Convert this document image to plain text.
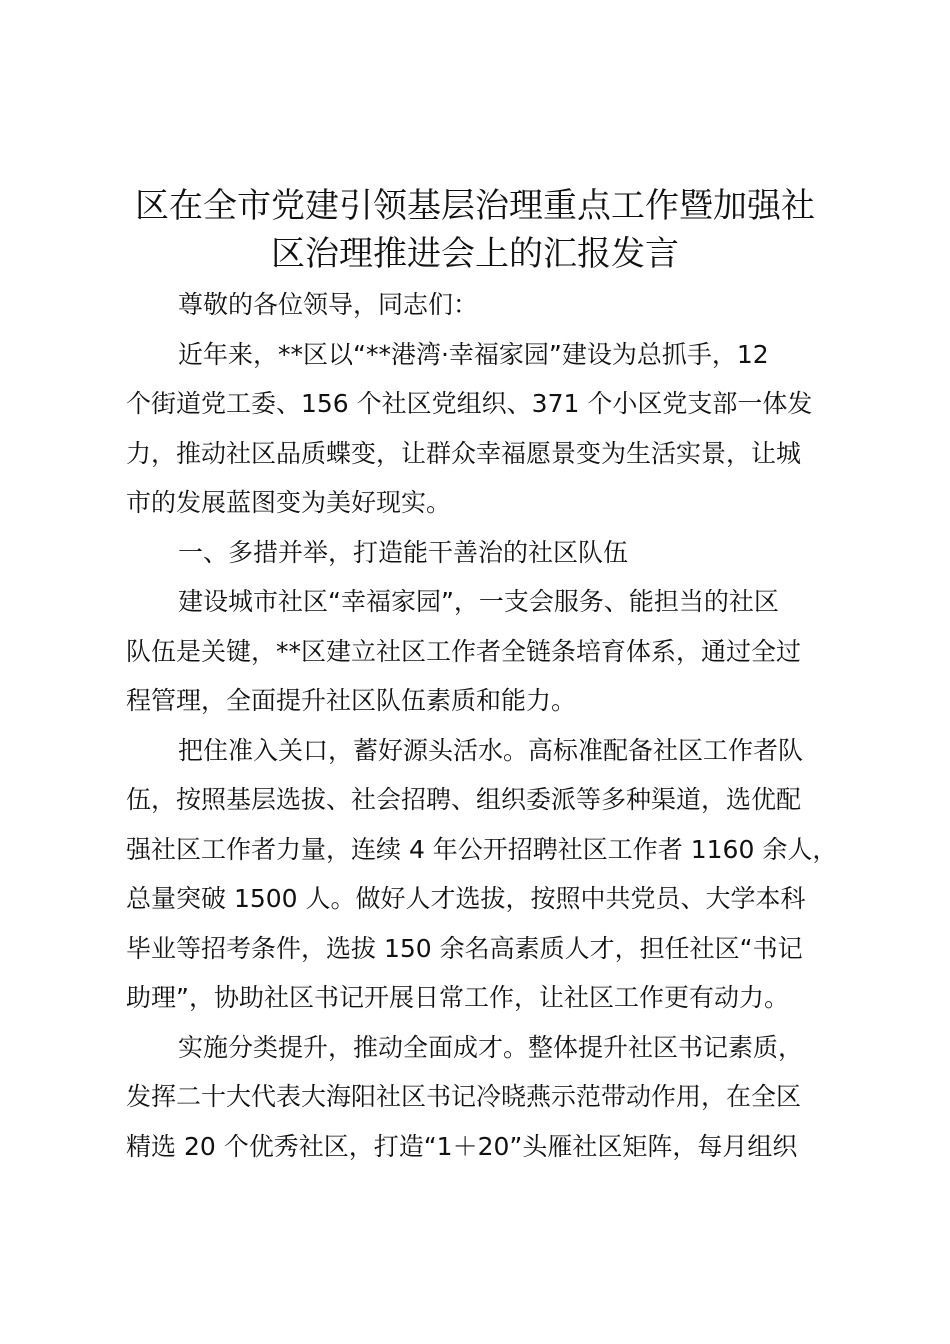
区在全市党建引领基层治理重点工作暨加强社
区治理推进会上的汇报发言
尊敬的各位领导，同志们：
近年来，**区以“**港湾·幸福家园”建设为总抓手，12
个街道党工委、156 个社区党组织、371 个小区党支部一体发
力，推动社区品质蝶变，让群众幸福愿景变为生活实景，让城
市的发展蓝图变为美好现实。
一、多措并举，打造能干善治的社区队伍
建设城市社区“幸福家园”，一支会服务、能担当的社区
队伍是关键，**区建立社区工作者全链条培育体系，通过全过
程管理，全面提升社区队伍素质和能力。
把住准入关口，蓄好源头活水。高标准配备社区工作者队
伍，按照基层选拔、社会招聘、组织委派等多种渠道，选优配
强社区工作者力量，连续 4 年公开招聘社区工作者 1160 余人，
总量突破 1500 人。做好人才选拔，按照中共党员、大学本科
毕业等招考条件，选拔 150 余名高素质人才，担任社区“书记
助理”，协助社区书记开展日常工作，让社区工作更有动力。
实施分类提升，推动全面成才。整体提升社区书记素质，
发挥二十大代表大海阳社区书记冷晓燕示范带动作用，在全区
精选 20 个优秀社区，打造“1＋20”头雁社区矩阵，每月组织
